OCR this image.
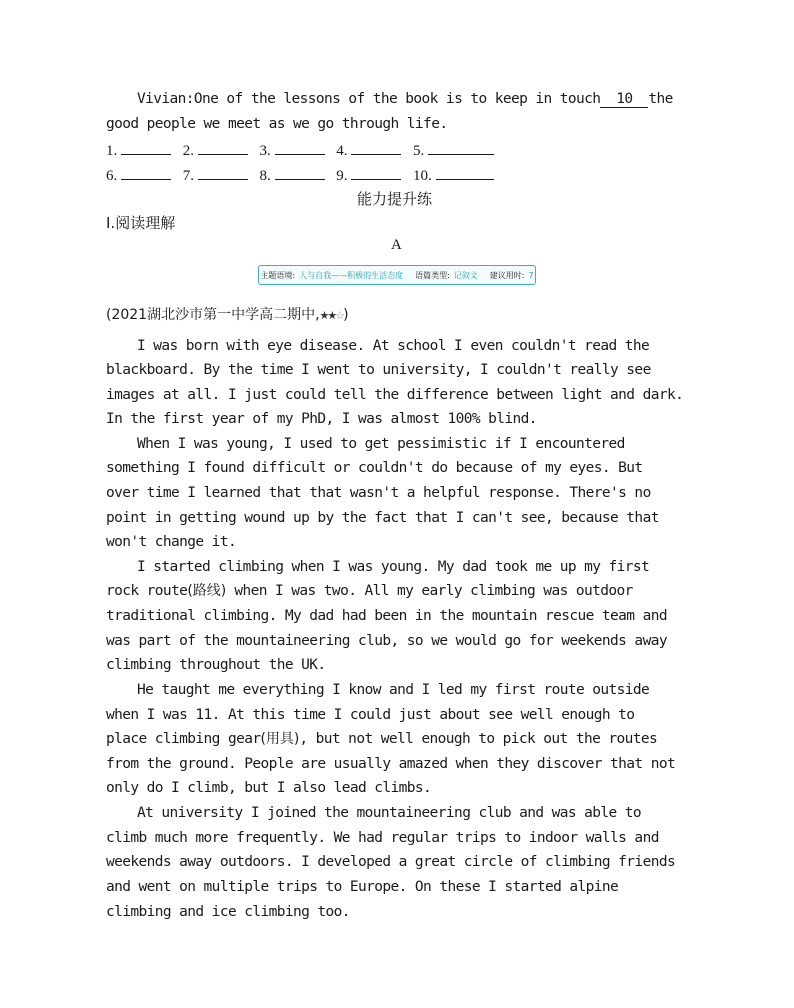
Vivian:One of the lessons of the book is to keep in touch 10 the
good people we meet as we go through life.
1.	2.	3.	4.	5.
6.	7.	8.	9.	10.
能力提升练
Ⅰ.阅读理解
A
主题语境: 人与自我——积极的生活态度 语篇类型: 记叙文 建议用时: 7
(2021湖北沙市第一中学高二期中,★★☆)
I was born with eye disease. At school I even couldn't read the
blackboard. By the time I went to university, I couldn't really see
images at all. I just could tell the difference between light and dark.
In the first year of my PhD, I was almost 100% blind.
When I was young, I used to get pessimistic if I encountered
something I found difficult or couldn't do because of my eyes. But
over time I learned that that wasn't a helpful response. There's no
point in getting wound up by the fact that I can't see, because that
won't change it.
I started climbing when I was young. My dad took me up my first
rock route(路线) when I was two. All my early climbing was outdoor
traditional climbing. My dad had been in the mountain rescue team and
was part of the mountaineering club, so we would go for weekends away
climbing throughout the UK.
He taught me everything I know and I led my first route outside
when I was 11. At this time I could just about see well enough to
place climbing gear(用具), but not well enough to pick out the routes
from the ground. People are usually amazed when they discover that not
only do I climb, but I also lead climbs.
At university I joined the mountaineering club and was able to
climb much more frequently. We had regular trips to indoor walls and
weekends away outdoors. I developed a great circle of climbing friends
and went on multiple trips to Europe. On these I started alpine
climbing and ice climbing too.
